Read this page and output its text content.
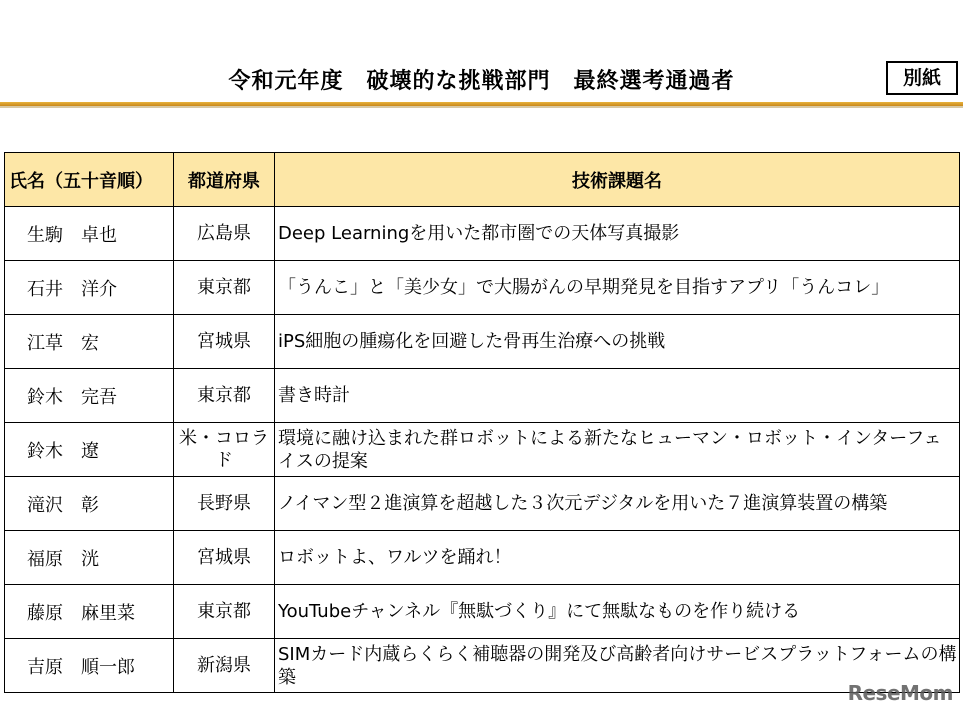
令和元年度　破壊的な挑戦部門　最終選考通過者	別紙
氏名（五十音順）	都道府県	技術課題名
生駒　卓也	広島県	Deep Learningを用いた都市圏での天体写真撮影
石井　洋介	東京都	「うんこ」と「美少女」で大腸がんの早期発見を目指すアプリ「うんコレ」
江草　宏	宮城県	iPS細胞の腫瘍化を回避した骨再生治療への挑戦
鈴木　完吾	東京都	書き時計
鈴木　遼	米・コロラド	環境に融け込まれた群ロボットによる新たなヒューマン・ロボット・インターフェイスの提案
滝沢　彰	長野県	ノイマン型２進演算を超越した３次元デジタルを用いた７進演算装置の構築
福原　洸	宮城県	ロボットよ、ワルツを踊れ！
藤原　麻里菜	東京都	YouTubeチャンネル『無駄づくり』にて無駄なものを作り続ける
吉原　順一郎	新潟県	SIMカード内蔵らくらく補聴器の開発及び高齢者向けサービスプラットフォームの構築
ReseMom
